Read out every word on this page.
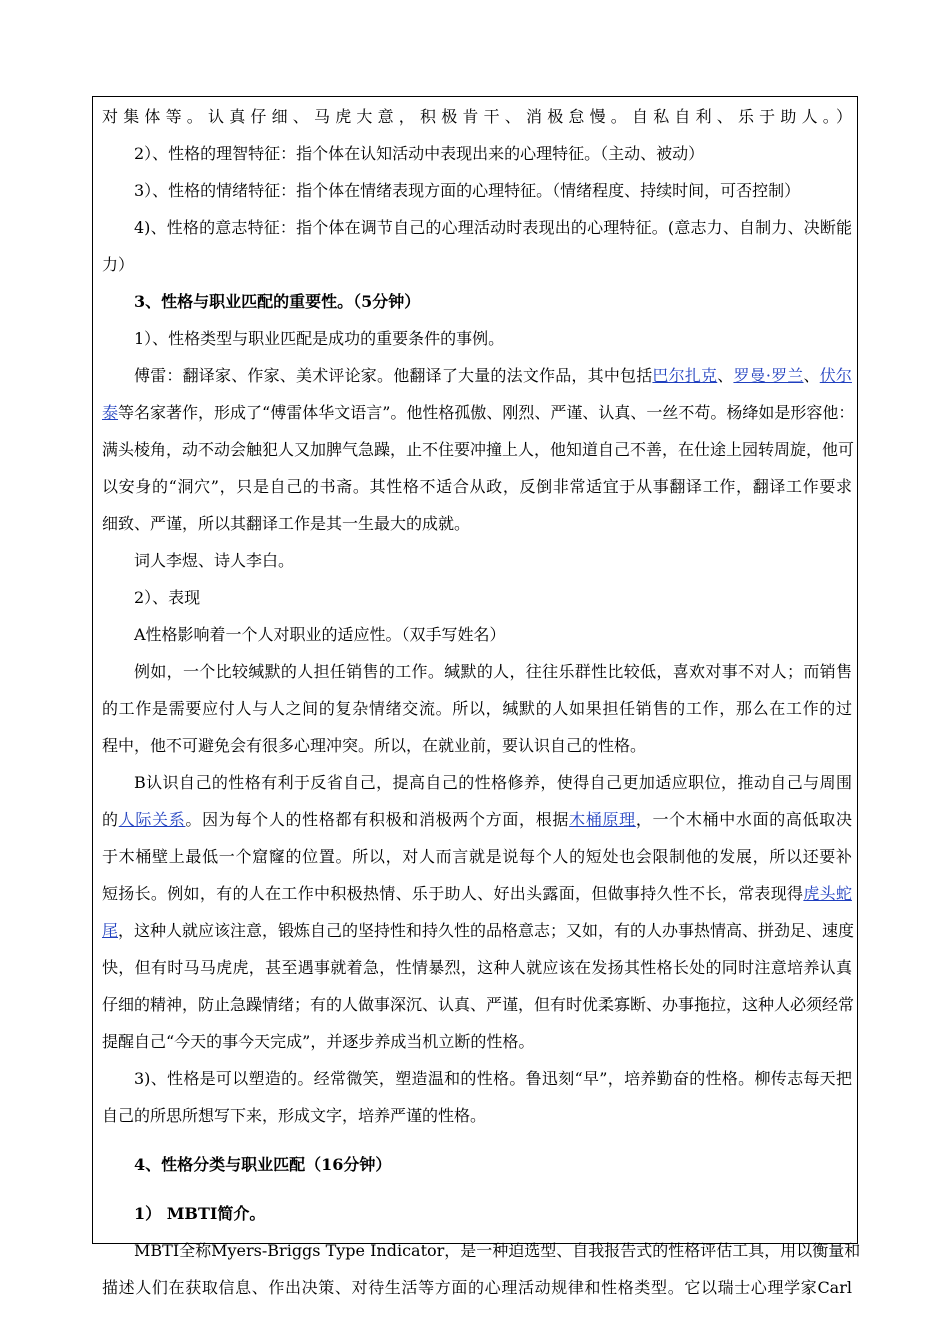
对集体等。认真仔细、马虎大意，积极肯干、消极怠慢。自私自利、乐于助人。）
2）、性格的理智特征：指个体在认知活动中表现出来的心理特征。（主动、被动）
3）、性格的情绪特征：指个体在情绪表现方面的心理特征。（情绪程度、持续时间，可否控制）
4)、性格的意志特征：指个体在调节自己的心理活动时表现出的心理特征。(意志力、自制力、决断能
力）
3、性格与职业匹配的重要性。（5分钟）
1）、性格类型与职业匹配是成功的重要条件的事例。
傅雷：翻译家、作家、美术评论家。他翻译了大量的法文作品，其中包括巴尔扎克、罗曼·罗兰、伏尔
泰等名家著作，形成了“傅雷体华文语言”。他性格孤傲、刚烈、严谨、认真、一丝不苟。杨绛如是形容他：
满头棱角，动不动会触犯人又加脾气急躁，止不住要冲撞上人，他知道自己不善，在仕途上园转周旋，他可
以安身的“洞穴”，只是自己的书斋。其性格不适合从政，反倒非常适宜于从事翻译工作，翻译工作要求
细致、严谨，所以其翻译工作是其一生最大的成就。
词人李煜、诗人李白。
2）、表现
A性格影响着一个人对职业的适应性。（双手写姓名）
例如，一个比较缄默的人担任销售的工作。缄默的人，往往乐群性比较低，喜欢对事不对人；而销售
的工作是需要应付人与人之间的复杂情绪交流。所以，缄默的人如果担任销售的工作，那么在工作的过
程中，他不可避免会有很多心理冲突。所以，在就业前，要认识自己的性格。
B认识自己的性格有利于反省自己，提高自己的性格修养，使得自己更加适应职位，推动自己与周围
的人际关系。因为每个人的性格都有积极和消极两个方面，根据木桶原理，一个木桶中水面的高低取决
于木桶壁上最低一个窟窿的位置。所以，对人而言就是说每个人的短处也会限制他的发展，所以还要补
短扬长。例如，有的人在工作中积极热情、乐于助人、好出头露面，但做事持久性不长，常表现得虎头蛇
尾，这种人就应该注意，锻炼自己的坚持性和持久性的品格意志；又如，有的人办事热情高、拼劲足、速度
快，但有时马马虎虎，甚至遇事就着急，性情暴烈，这种人就应该在发扬其性格长处的同时注意培养认真
仔细的精神，防止急躁情绪；有的人做事深沉、认真、严谨，但有时优柔寡断、办事拖拉，这种人必须经常
提醒自己“今天的事今天完成”，并逐步养成当机立断的性格。
3)、性格是可以塑造的。经常微笑，塑造温和的性格。鲁迅刻“早”，培养勤奋的性格。柳传志每天把
自己的所思所想写下来，形成文字，培养严谨的性格。
4、性格分类与职业匹配（16分钟）
1） MBTI简介。
MBTI全称Myers-Briggs Type Indicator，是一种迫选型、自我报告式的性格评估工具，用以衡量和
描述人们在获取信息、作出决策、对待生活等方面的心理活动规律和性格类型。它以瑞士心理学家Carl
